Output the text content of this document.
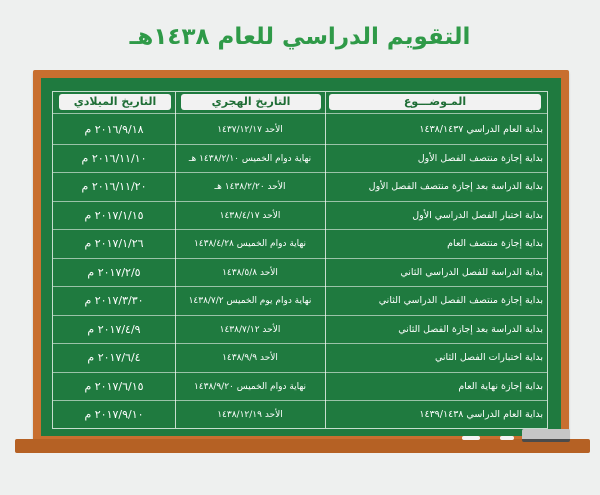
التقويم الدراسي للعام ١٤٣٨هـ
المـوضـــوع
التاريخ الهجري
التاريخ الميلادي
بداية العام الدراسي ١٤٣٨/١٤٣٧
الأحد ١٤٣٧/١٢/١٧
٢٠١٦/٩/١٨ م
بداية إجازة منتصف الفصل الأول
نهاية دوام الخميس ١٤٣٨/٢/١٠ هـ
٢٠١٦/١١/١٠ م
بداية الدراسة بعد إجازة منتصف الفصل الأول
الأحد ١٤٣٨/٢/٢٠ هـ
٢٠١٦/١١/٢٠ م
بداية اختبار الفصل الدراسي الأول
الأحد ١٤٣٨/٤/١٧
٢٠١٧/١/١٥ م
بداية إجازة منتصف العام
نهاية دوام الخميس ١٤٣٨/٤/٢٨
٢٠١٧/١/٢٦ م
بداية الدراسة للفصل الدراسي الثاني
الأحد ١٤٣٨/٥/٨
٢٠١٧/٢/٥ م
بداية إجازة منتصف الفصل الدراسي الثاني
نهاية دوام يوم الخميس ١٤٣٨/٧/٢
٢٠١٧/٣/٣٠ م
بداية الدراسة بعد إجازة الفصل الثاني
الأحد ١٤٣٨/٧/١٢
٢٠١٧/٤/٩ م
بداية اختبارات الفصل الثاني
الأحد ١٤٣٨/٩/٩
٢٠١٧/٦/٤ م
بداية إجازة نهاية العام
نهاية دوام الخميس ١٤٣٨/٩/٢٠
٢٠١٧/٦/١٥ م
بداية العام الدراسي ١٤٣٩/١٤٣٨
الأحد ١٤٣٨/١٢/١٩
٢٠١٧/٩/١٠ م
